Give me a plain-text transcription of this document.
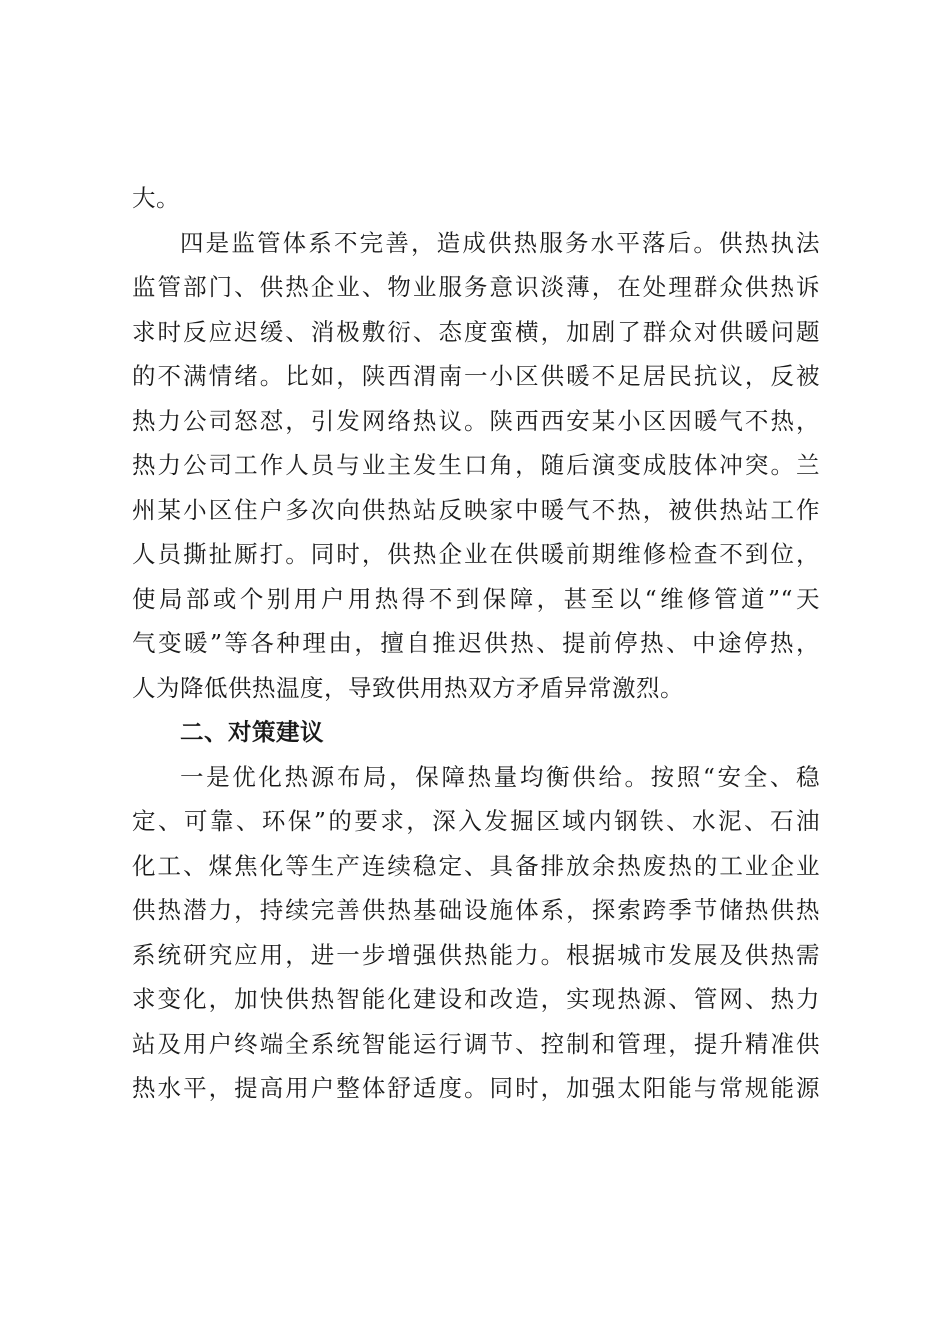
大。
四是监管体系不完善，造成供热服务水平落后。供热执法
监管部门、供热企业、物业服务意识淡薄，在处理群众供热诉
求时反应迟缓、消极敷衍、态度蛮横，加剧了群众对供暖问题
的不满情绪。比如，陕西渭南一小区供暖不足居民抗议，反被
热力公司怒怼，引发网络热议。陕西西安某小区因暖气不热，
热力公司工作人员与业主发生口角，随后演变成肢体冲突。兰
州某小区住户多次向供热站反映家中暖气不热，被供热站工作
人员撕扯厮打。同时，供热企业在供暖前期维修检查不到位，
使局部或个别用户用热得不到保障，甚至以“维修管道”“天
气变暖”等各种理由，擅自推迟供热、提前停热、中途停热，
人为降低供热温度，导致供用热双方矛盾异常激烈。
二、对策建议
一是优化热源布局，保障热量均衡供给。按照“安全、稳
定、可靠、环保”的要求，深入发掘区域内钢铁、水泥、石油
化工、煤焦化等生产连续稳定、具备排放余热废热的工业企业
供热潜力，持续完善供热基础设施体系，探索跨季节储热供热
系统研究应用，进一步增强供热能力。根据城市发展及供热需
求变化，加快供热智能化建设和改造，实现热源、管网、热力
站及用户终端全系统智能运行调节、控制和管理，提升精准供
热水平，提高用户整体舒适度。同时，加强太阳能与常规能源
